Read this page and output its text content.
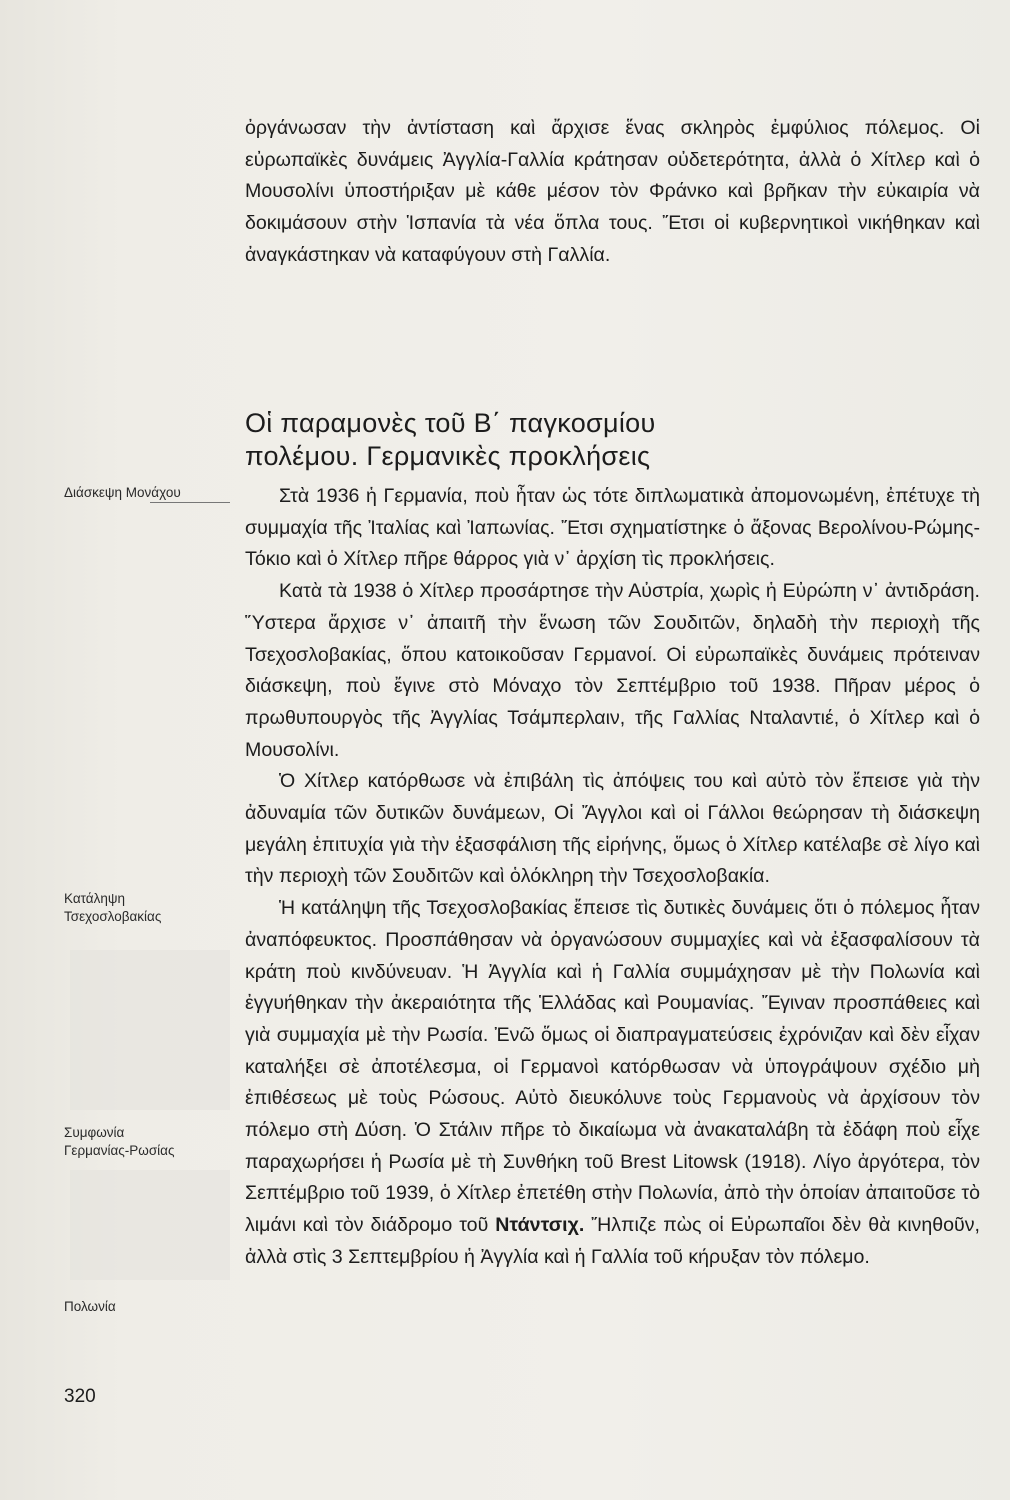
ὀργάνωσαν τὴν ἀντίσταση καὶ ἄρχισε ἕνας σκληρὸς ἐμφύλιος πόλεμος. Οἱ εὐρωπαϊκὲς δυνάμεις Ἀγγλία-Γαλλία κράτησαν οὐδετερότητα, ἀλλὰ ὁ Χίτλερ καὶ ὁ Μουσολίνι ὑποστήριξαν μὲ κάθε μέσον τὸν Φράνκο καὶ βρῆκαν τὴν εὐκαιρία νὰ δοκιμάσουν στὴν Ἱσπανία τὰ νέα ὅπλα τους. Ἔτσι οἱ κυβερνητικοὶ νικήθηκαν καὶ ἀναγκάστηκαν νὰ καταφύγουν στὴ Γαλλία.

Οἱ παραμονὲς τοῦ Β΄ παγκοσμίου
πολέμου. Γερμανικὲς προκλήσεις

Στὰ 1936 ἡ Γερμανία, ποὺ ἦταν ὡς τότε διπλωματικὰ ἀπομονωμένη, ἐπέτυχε τὴ συμμαχία τῆς Ἰταλίας καὶ Ἰαπωνίας. Ἔτσι σχηματίστηκε ὁ ἄξονας Βερολίνου-Ρώμης-Τόκιο καὶ ὁ Χίτλερ πῆρε θάρρος γιὰ ν᾽ ἀρχίση τὶς προκλήσεις.

Κατὰ τὰ 1938 ὁ Χίτλερ προσάρτησε τὴν Αὐστρία, χωρὶς ἡ Εὐρώπη ν᾽ ἀντιδράση. Ὕστερα ἄρχισε ν᾽ ἀπαιτῆ τὴν ἕνωση τῶν Σουδιτῶν, δηλαδὴ τὴν περιοχὴ τῆς Τσεχοσλοβακίας, ὅπου κατοικοῦσαν Γερμανοί. Οἱ εὐρωπαϊκὲς δυνάμεις πρότειναν διάσκεψη, ποὺ ἔγινε στὸ Μόναχο τὸν Σεπτέμβριο τοῦ 1938. Πῆραν μέρος ὁ πρωθυπουργὸς τῆς Ἀγγλίας Τσάμπερλαιν, τῆς Γαλλίας Νταλαντιέ, ὁ Χίτλερ καὶ ὁ Μουσολίνι.

Ὁ Χίτλερ κατόρθωσε νὰ ἐπιβάλη τὶς ἀπόψεις του καὶ αὐτὸ τὸν ἔπεισε γιὰ τὴν ἀδυναμία τῶν δυτικῶν δυνάμεων, Οἱ Ἄγγλοι καὶ οἱ Γάλλοι θεώρησαν τὴ διάσκεψη μεγάλη ἐπιτυχία γιὰ τὴν ἐξασφάλιση τῆς εἰρήνης, ὅμως ὁ Χίτλερ κατέλαβε σὲ λίγο καὶ τὴν περιοχὴ τῶν Σουδιτῶν καὶ ὁλόκληρη τὴν Τσεχοσλοβακία.

Ἡ κατάληψη τῆς Τσεχοσλοβακίας ἔπεισε τὶς δυτικὲς δυνάμεις ὅτι ὁ πόλεμος ἦταν ἀναπόφευκτος. Προσπάθησαν νὰ ὀργανώσουν συμμαχίες καὶ νὰ ἐξασφαλίσουν τὰ κράτη ποὺ κινδύνευαν. Ἡ Ἀγγλία καὶ ἡ Γαλλία συμμάχησαν μὲ τὴν Πολωνία καὶ ἐγγυήθηκαν τὴν ἀκεραιότητα τῆς Ἑλλάδας καὶ Ρουμανίας. Ἔγιναν προσπάθειες καὶ γιὰ συμμαχία μὲ τὴν Ρωσία. Ἐνῶ ὅμως οἱ διαπραγματεύσεις ἐχρόνιζαν καὶ δὲν εἶχαν καταλήξει σὲ ἀποτέλεσμα, οἱ Γερμανοὶ κατόρθωσαν νὰ ὑπογράψουν σχέδιο μὴ ἐπιθέσεως μὲ τοὺς Ρώσους. Αὐτὸ διευκόλυνε τοὺς Γερμανοὺς νὰ ἀρχίσουν τὸν πόλεμο στὴ Δύση. Ὁ Στάλιν πῆρε τὸ δικαίωμα νὰ ἀνακαταλάβη τὰ ἐδάφη ποὺ εἶχε παραχωρήσει ἡ Ρωσία μὲ τὴ Συνθήκη τοῦ Brest Litowsk (1918). Λίγο ἀργότερα, τὸν Σεπτέμβριο τοῦ 1939, ὁ Χίτλερ ἐπετέθη στὴν Πολωνία, ἀπὸ τὴν ὁποίαν ἀπαιτοῦσε τὸ λιμάνι καὶ τὸν διάδρομο τοῦ Ντάντσιχ. Ἤλπιζε πὼς οἱ Εὐρωπαῖοι δὲν θὰ κινηθοῦν, ἀλλὰ στὶς 3 Σεπτεμβρίου ἡ Ἀγγλία καὶ ἡ Γαλλία τοῦ κήρυξαν τὸν πόλεμο.

Διάσκεψη Μονάχου
Κατάληψη
Τσεχοσλοβακίας
Συμφωνία
Γερμανίας-Ρωσίας
Πολωνία
320
